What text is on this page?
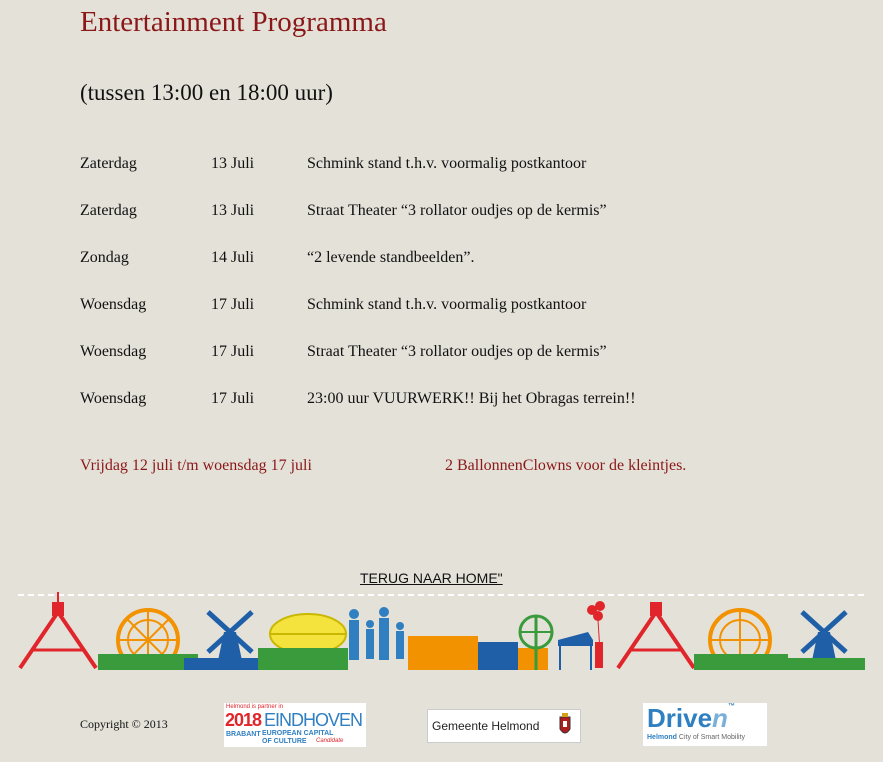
Entertainment Programma
(tussen 13:00 en 18:00 uur)
Zaterdag	13 Juli	Schmink stand t.h.v. voormalig postkantoor
Zaterdag	13 Juli	Straat Theater “3 rollator oudjes op de kermis”
Zondag	14 Juli	“2 levende standbeelden”.
Woensdag	17 Juli	Schmink stand t.h.v. voormalig postkantoor
Woensdag	17 Juli	Straat Theater “3 rollator oudjes op de kermis”
Woensdag	17 Juli	23:00 uur VUURWERK!! Bij het Obragas terrein!!
Vrijdag 12 juli t/m woensdag 17 juli	2 BallonnenClowns voor de kleintjes.
TERUG NAAR HOME"
Copyright © 2013
Helmond is partner in
2018 EINDHOVEN
BRABANT EUROPEAN CAPITAL
OF CULTURE Candidate
Gemeente Helmond	Driven™
Helmond City of Smart Mobility
